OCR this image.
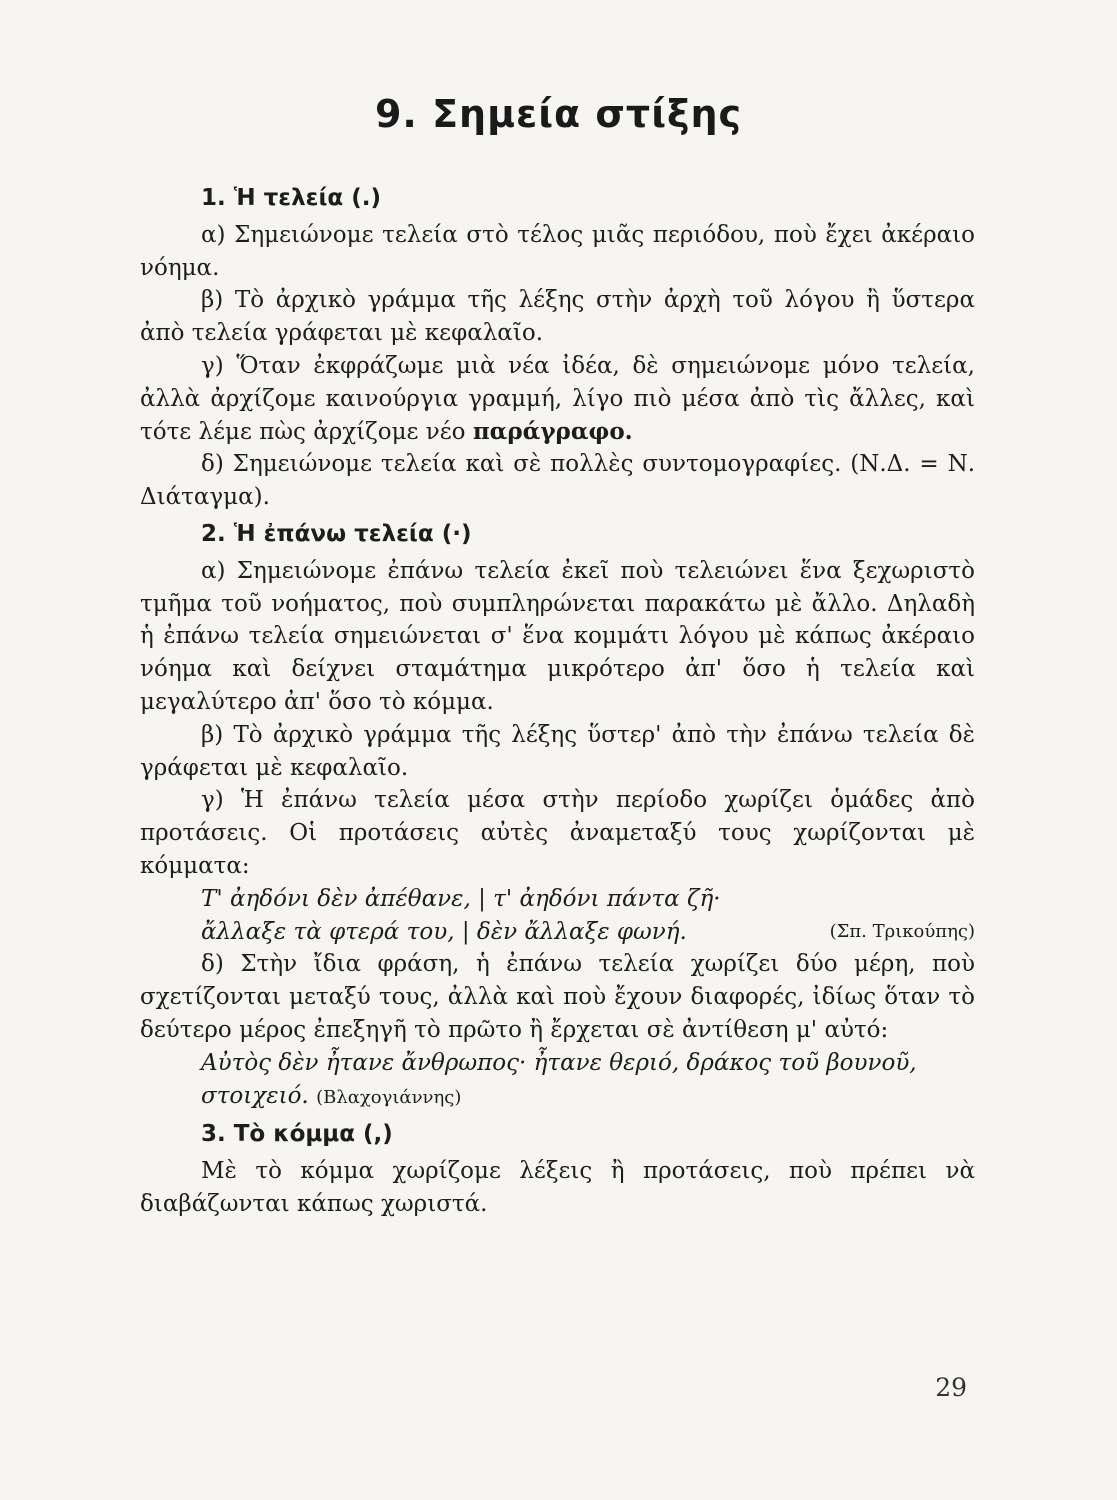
9. Σημεία στίξης

1. Ἡ τελεία (.)

α) Σημειώνομε τελεία στὸ τέλος μιᾶς περιόδου, ποὺ ἔχει ἀκέραιο νόημα.

β) Τὸ ἀρχικὸ γράμμα τῆς λέξης στὴν ἀρχὴ τοῦ λόγου ἢ ὕστερα ἀπὸ τελεία γράφεται μὲ κεφαλαῖο.

γ) Ὅταν ἐκφράζωμε μιὰ νέα ἰδέα, δὲ σημειώνομε μόνο τελεία, ἀλλὰ ἀρχίζομε καινούργια γραμμή, λίγο πιὸ μέσα ἀπὸ τὶς ἄλλες, καὶ τότε λέμε πὼς ἀρχίζομε νέο παράγραφο.

δ) Σημειώνομε τελεία καὶ σὲ πολλὲς συντομογραφίες. (Ν.Δ. = Ν. Διάταγμα).

2. Ἡ ἐπάνω τελεία (·)

α) Σημειώνομε ἐπάνω τελεία ἐκεῖ ποὺ τελειώνει ἕνα ξεχωριστὸ τμῆμα τοῦ νοήματος, ποὺ συμπληρώνεται παρακάτω μὲ ἄλλο. Δηλαδὴ ἡ ἐπάνω τελεία σημειώνεται σ' ἕνα κομμάτι λόγου μὲ κάπως ἀκέραιο νόημα καὶ δείχνει σταμάτημα μικρότερο ἀπ' ὅσο ἡ τελεία καὶ μεγαλύτερο ἀπ' ὅσο τὸ κόμμα.

β) Τὸ ἀρχικὸ γράμμα τῆς λέξης ὕστερ' ἀπὸ τὴν ἐπάνω τελεία δὲ γράφεται μὲ κεφαλαῖο.

γ) Ἡ ἐπάνω τελεία μέσα στὴν περίοδο χωρίζει ὁμάδες ἀπὸ προτάσεις. Οἱ προτάσεις αὐτὲς ἀναμεταξύ τους χωρίζονται μὲ κόμματα:

Τ' ἀηδόνι δὲν ἀπέθανε, | τ' ἀηδόνι πάντα ζῆ·

ἄλλαξε τὰ φτερά του, | δὲν ἄλλαξε φωνή.	(Σπ. Τρικούπης)

δ) Στὴν ἴδια φράση, ἡ ἐπάνω τελεία χωρίζει δύο μέρη, ποὺ σχετίζονται μεταξύ τους, ἀλλὰ καὶ ποὺ ἔχουν διαφορές, ἰδίως ὅταν τὸ δεύτερο μέρος ἐπεξηγῆ τὸ πρῶτο ἢ ἔρχεται σὲ ἀντίθεση μ' αὐτό:

Αὐτὸς δὲν ἦτανε ἄνθρωπος· ἦτανε θεριό, δράκος τοῦ βουνοῦ, στοιχειό. (Βλαχογιάννης)

3. Τὸ κόμμα (,)

Μὲ τὸ κόμμα χωρίζομε λέξεις ἢ προτάσεις, ποὺ πρέπει νὰ διαβάζωνται κάπως χωριστά.

29
